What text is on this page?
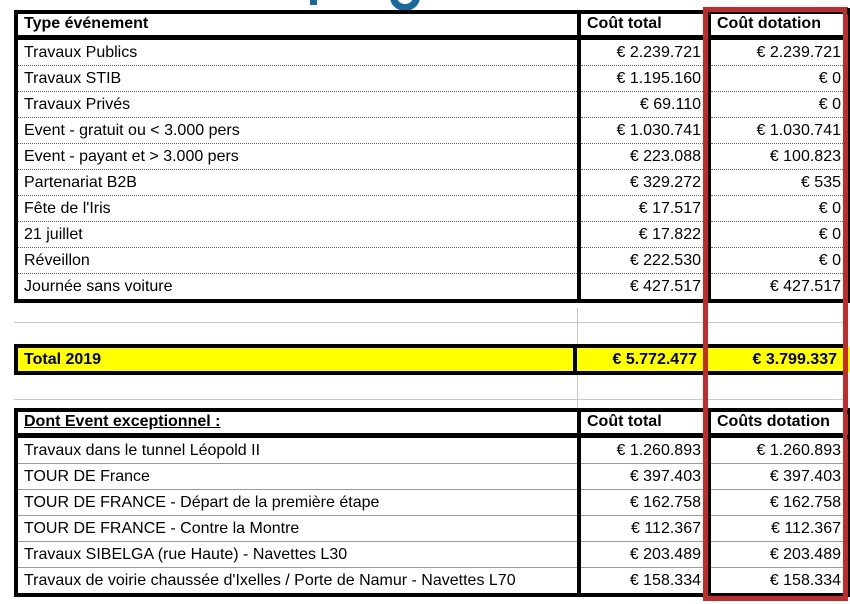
Type événement	Coût total	Coût dotation
Travaux Publics	€ 2.239.721	€ 2.239.721
Travaux STIB	€ 1.195.160	€ 0
Travaux Privés	€ 69.110	€ 0
Event - gratuit ou < 3.000 pers	€ 1.030.741	€ 1.030.741
Event - payant et > 3.000 pers	€ 223.088	€ 100.823
Partenariat B2B	€ 329.272	€ 535
Fête de l'Iris	€ 17.517	€ 0
21 juillet	€ 17.822	€ 0
Réveillon	€ 222.530	€ 0
Journée sans voiture	€ 427.517	€ 427.517
Total 2019	€ 5.772.477	€ 3.799.337
Dont Event exceptionnel :	Coût total	Coûts dotation
Travaux dans le tunnel Léopold II	€ 1.260.893	€ 1.260.893
TOUR DE France	€ 397.403	€ 397.403
TOUR DE FRANCE - Départ de la première étape	€ 162.758	€ 162.758
TOUR DE FRANCE - Contre la Montre	€ 112.367	€ 112.367
Travaux SIBELGA (rue Haute) - Navettes L30	€ 203.489	€ 203.489
Travaux de voirie chaussée d'Ixelles / Porte de Namur - Navettes L70	€ 158.334	€ 158.334
